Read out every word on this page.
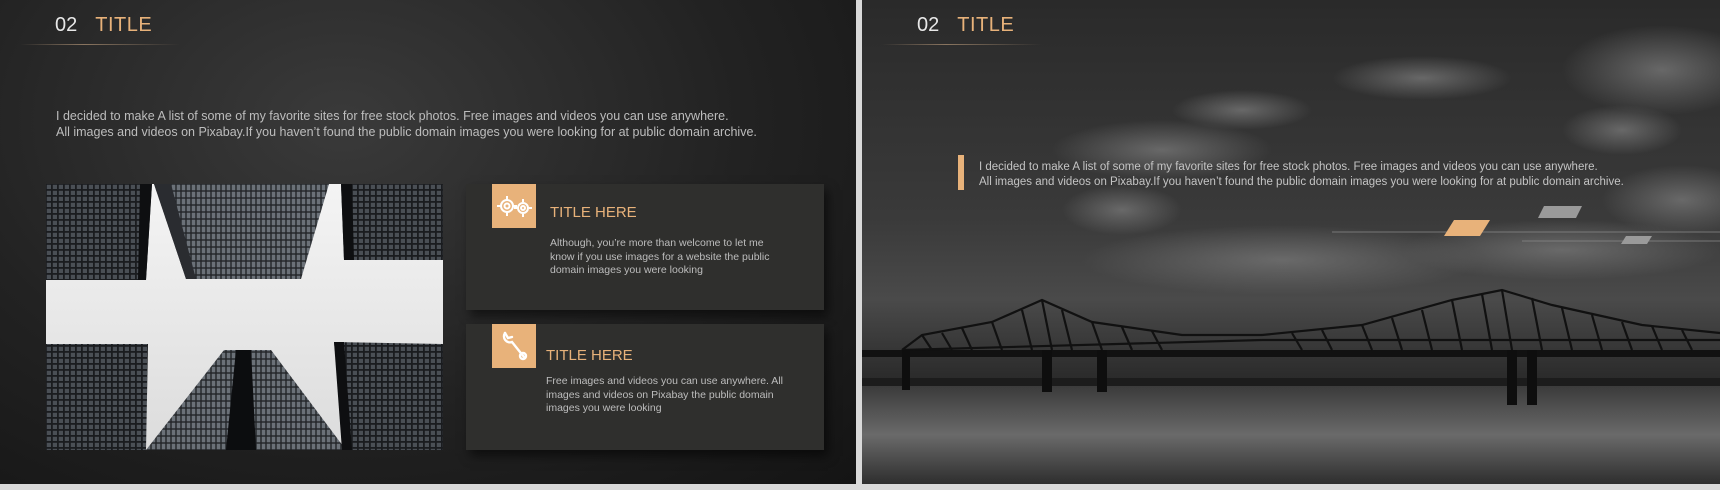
02 TITLE

I decided to make A list of some of my favorite sites for free stock photos. Free images and videos you can use anywhere.

All images and videos on Pixabay.If you haven’t found the public domain images you were looking for at public domain archive.

TITLE HERE
Although, you’re more than welcome to let me know if you use images for a website the public domain images you were looking
TITLE HERE
Free images and videos you can use anywhere. All images and videos on Pixabay the public domain images you were looking
02 TITLE

I decided to make A list of some of my favorite sites for free stock photos. Free images and videos you can use anywhere.

All images and videos on Pixabay.If you haven’t found the public domain images you were looking for at public domain archive.
